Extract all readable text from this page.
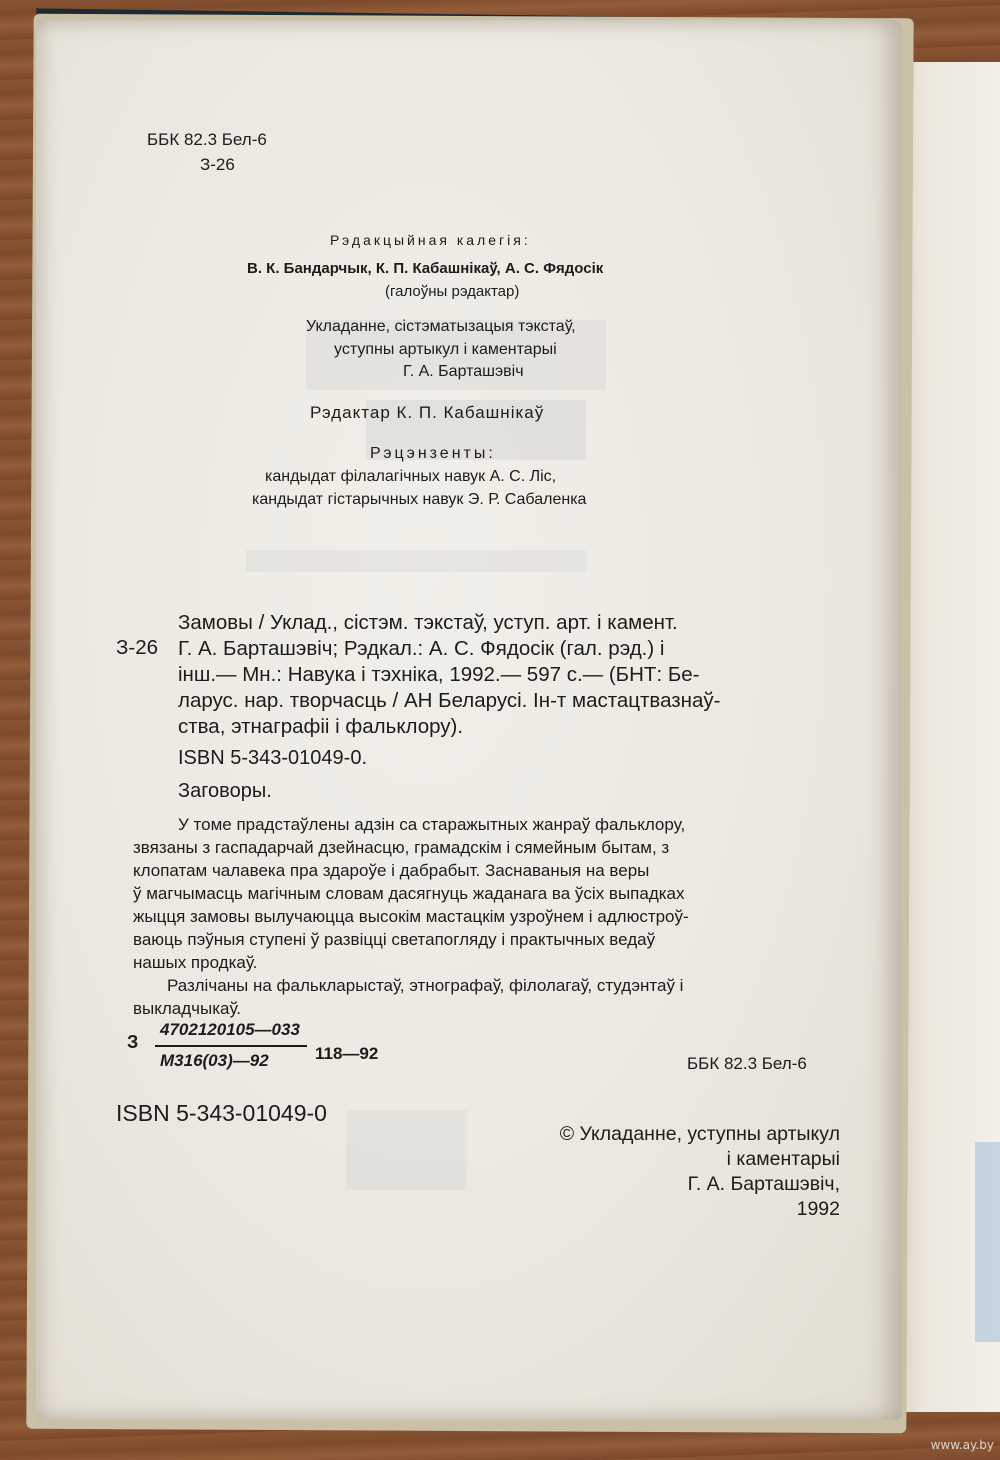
ББК 82.3 Бел-6
З-26
Рэдакцыйная калегія:
В. К. Бандарчык, К. П. Кабашнікаў, А. С. Фядосік
(галоўны рэдактар)
Укладанне, сістэматызацыя тэкстаў,
уступны артыкул і каментарыі
Г. А. Барташэвіч
Рэдактар К. П. Кабашнікаў
Рэцэнзенты:
кандыдат філалагічных навук А. С. Ліс,
кандыдат гістарычных навук Э. Р. Сабаленка
Замовы / Уклад., сістэм. тэкстаў, уступ. арт. і камент.
Г. А. Барташэвіч; Рэдкал.: А. С. Фядосік (гал. рэд.) і
інш.— Мн.: Навука і тэхніка, 1992.— 597 с.— (БНТ: Бе-
ларус. нар. творчасць / АН Беларусі. Ін-т мастацтвазнаў-
ства, этнаграфіі і фальклору).
З-26
ISBN 5-343-01049-0.
Заговоры.
У томе прадстаўлены адзін са старажытных жанраў фальклору,
звязаны з гаспадарчай дзейнасцю, грамадскім і сямейным бытам, з
клопатам чалавека пра здароўе і дабрабыт. Заснаваныя на веры
ў магчымасць магічным словам дасягнуць жаданага ва ўсіх выпадках
жыцця замовы вылучаюцца высокім мастацкім узроўнем і адлюстроў-
ваюць пэўныя ступені ў развіцці светапогляду і практычных ведаў
нашых продкаў.
Разлічаны на фалькларыстаў, этнографаў, філолагаў, студэнтаў і
выкладчыкаў.
З
4702120105—033
М316(03)—92	118—92
ББК 82.3 Бел-6
ISBN 5-343-01049-0
© Укладанне, уступны артыкул
і каментарыі
Г. А. Барташэвіч,
1992
www.ay.by
